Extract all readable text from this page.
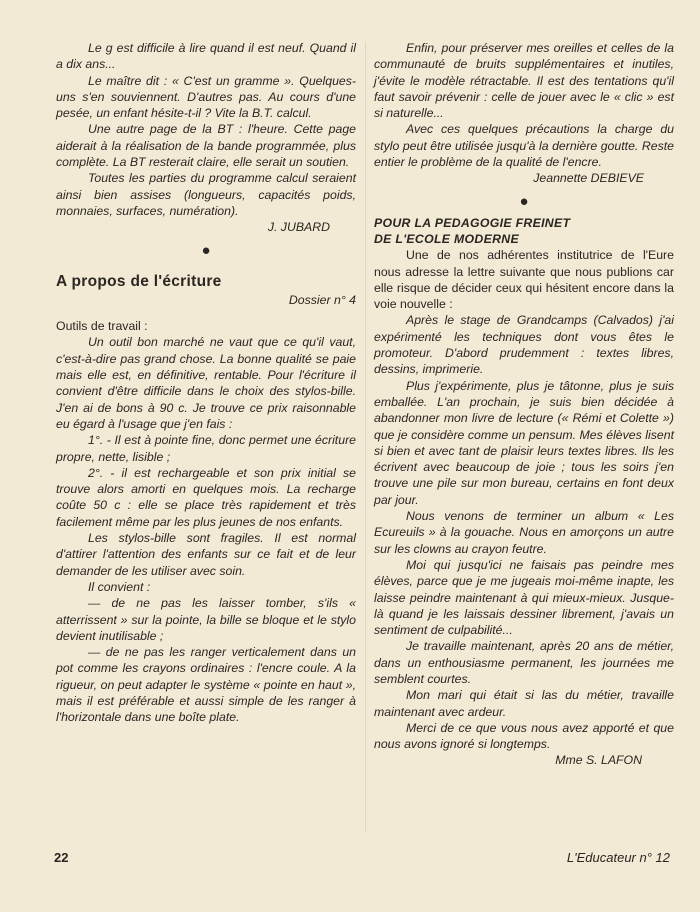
Le g est difficile à lire quand il est neuf. Quand il a dix ans...

Le maître dit : « C'est un gramme ». Quelques-uns s'en souviennent. D'autres pas. Au cours d'une pesée, un enfant hésite-t-il ? Vite la B.T. calcul.

Une autre page de la BT : l'heure. Cette page aiderait à la réalisation de la bande programmée, plus complète. La BT resterait claire, elle serait un soutien.

Toutes les parties du programme calcul seraient ainsi bien assises (longueurs, capacités poids, monnaies, surfaces, numération).

J. JUBARD

●

A propos de l'écriture

Dossier n° 4

Outils de travail :

Un outil bon marché ne vaut que ce qu'il vaut, c'est-à-dire pas grand chose. La bonne qualité se paie mais elle est, en définitive, rentable. Pour l'écriture il convient d'être difficile dans le choix des stylos-bille. J'en ai de bons à 90 c. Je trouve ce prix raisonnable eu égard à l'usage que j'en fais :

1°. - Il est à pointe fine, donc permet une écriture propre, nette, lisible ;

2°. - il est rechargeable et son prix initial se trouve alors amorti en quelques mois. La recharge coûte 50 c : elle se place très rapidement et très facilement même par les plus jeunes de nos enfants.

Les stylos-bille sont fragiles. Il est normal d'attirer l'attention des enfants sur ce fait et de leur demander de les utiliser avec soin.

Il convient :

— de ne pas les laisser tomber, s'ils « atterrissent » sur la pointe, la bille se bloque et le stylo devient inutilisable ;

— de ne pas les ranger verticalement dans un pot comme les crayons ordinaires : l'encre coule. A la rigueur, on peut adapter le système « pointe en haut », mais il est préférable et aussi simple de les ranger à l'horizontale dans une boîte plate.

Enfin, pour préserver mes oreilles et celles de la communauté de bruits supplémentaires et inutiles, j'évite le modèle rétractable. Il est des tentations qu'il faut savoir prévenir : celle de jouer avec le « clic » est si naturelle...

Avec ces quelques précautions la charge du stylo peut être utilisée jusqu'à la dernière goutte. Reste entier le problème de la qualité de l'encre.

Jeannette DEBIEVE

●

POUR LA PEDAGOGIE FREINET

DE L'ECOLE MODERNE

Une de nos adhérentes institutrice de l'Eure nous adresse la lettre suivante que nous publions car elle risque de décider ceux qui hésitent encore dans la voie nouvelle :

Après le stage de Grandcamps (Calvados) j'ai expérimenté les techniques dont vous êtes le promoteur. D'abord prudemment : textes libres, dessins, imprimerie.

Plus j'expérimente, plus je tâtonne, plus je suis emballée. L'an prochain, je suis bien décidée à abandonner mon livre de lecture (« Rémi et Colette ») que je considère comme un pensum. Mes élèves lisent si bien et avec tant de plaisir leurs textes libres. Ils les écrivent avec beaucoup de joie ; tous les soirs j'en trouve une pile sur mon bureau, certains en font deux par jour.

Nous venons de terminer un album « Les Ecureuils » à la gouache. Nous en amorçons un autre sur les clowns au crayon feutre.

Moi qui jusqu'ici ne faisais pas peindre mes élèves, parce que je me jugeais moi-même inapte, les laisse peindre maintenant à qui mieux-mieux. Jusque-là quand je les laissais dessiner librement, j'avais un sentiment de culpabilité...

Je travaille maintenant, après 20 ans de métier, dans un enthousiasme permanent, les journées me semblent courtes.

Mon mari qui était si las du métier, travaille maintenant avec ardeur.

Merci de ce que vous nous avez apporté et que nous avons ignoré si longtemps.

Mme S. LAFON

22	L'Educateur n° 12
